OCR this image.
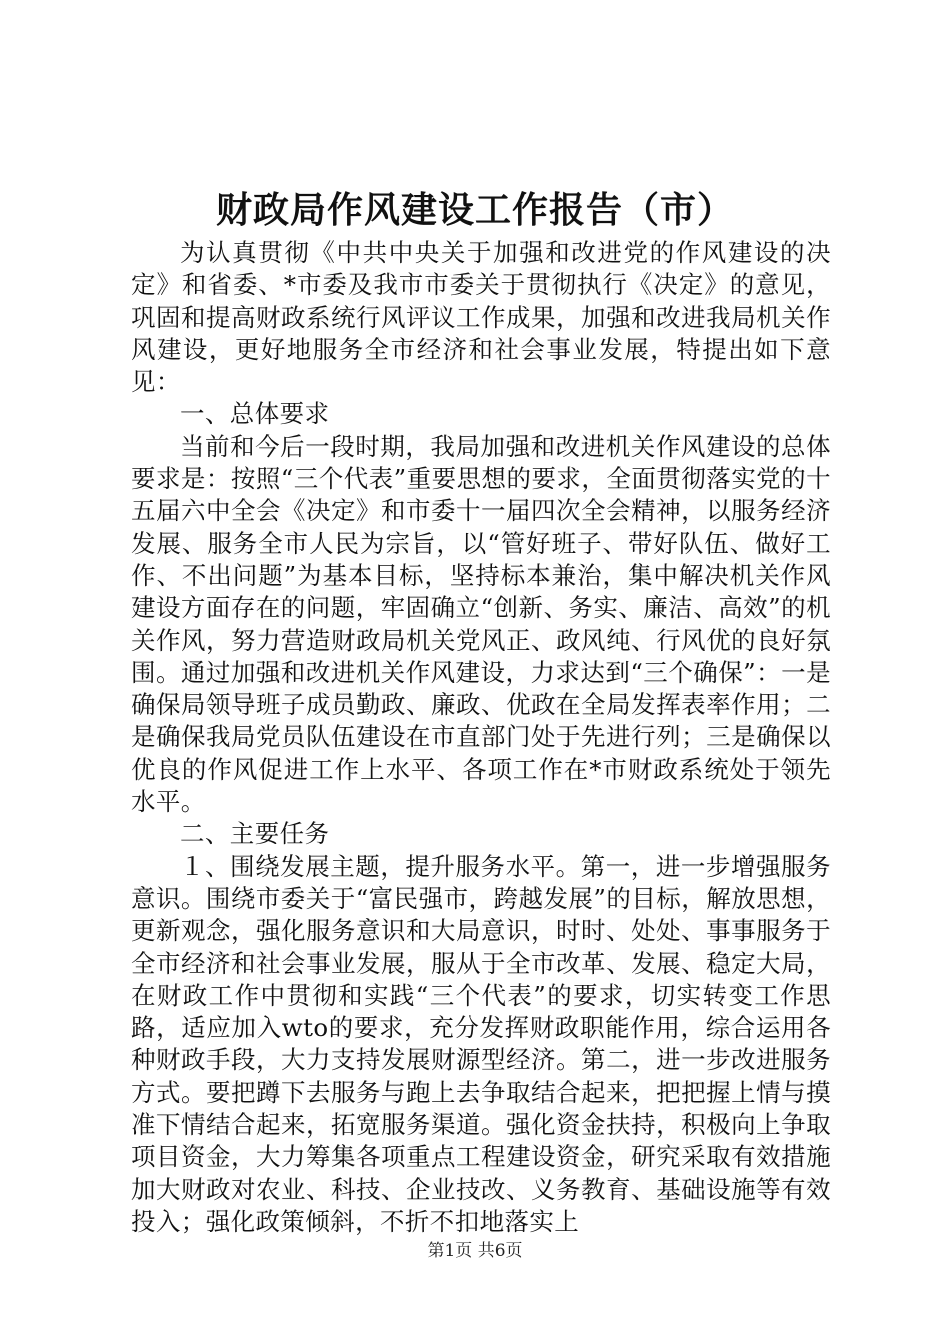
财政局作风建设工作报告（市）

为认真贯彻《中共中央关于加强和改进党的作风建设的决定》和省委、*市委及我市市委关于贯彻执行《决定》的意见，巩固和提高财政系统行风评议工作成果，加强和改进我局机关作风建设，更好地服务全市经济和社会事业发展，特提出如下意见：

一、总体要求

当前和今后一段时期，我局加强和改进机关作风建设的总体要求是：按照“三个代表”重要思想的要求，全面贯彻落实党的十五届六中全会《决定》和市委十一届四次全会精神，以服务经济发展、服务全市人民为宗旨，以“管好班子、带好队伍、做好工作、不出问题”为基本目标，坚持标本兼治，集中解决机关作风建设方面存在的问题，牢固确立“创新、务实、廉洁、高效”的机关作风，努力营造财政局机关党风正、政风纯、行风优的良好氛围。通过加强和改进机关作风建设，力求达到“三个确保”：一是确保局领导班子成员勤政、廉政、优政在全局发挥表率作用；二是确保我局党员队伍建设在市直部门处于先进行列；三是确保以优良的作风促进工作上水平、各项工作在*市财政系统处于领先水平。

二、主要任务

１、围绕发展主题，提升服务水平。第一，进一步增强服务意识。围绕市委关于“富民强市，跨越发展”的目标，解放思想，更新观念，强化服务意识和大局意识，时时、处处、事事服务于全市经济和社会事业发展，服从于全市改革、发展、稳定大局，在财政工作中贯彻和实践“三个代表”的要求，切实转变工作思路，适应加入wto的要求，充分发挥财政职能作用，综合运用各种财政手段，大力支持发展财源型经济。第二，进一步改进服务方式。要把蹲下去服务与跑上去争取结合起来，把把握上情与摸准下情结合起来，拓宽服务渠道。强化资金扶持，积极向上争取项目资金，大力筹集各项重点工程建设资金，研究采取有效措施加大财政对农业、科技、企业技改、义务教育、基础设施等有效投入；强化政策倾斜，不折不扣地落实上

第1页 共6页
